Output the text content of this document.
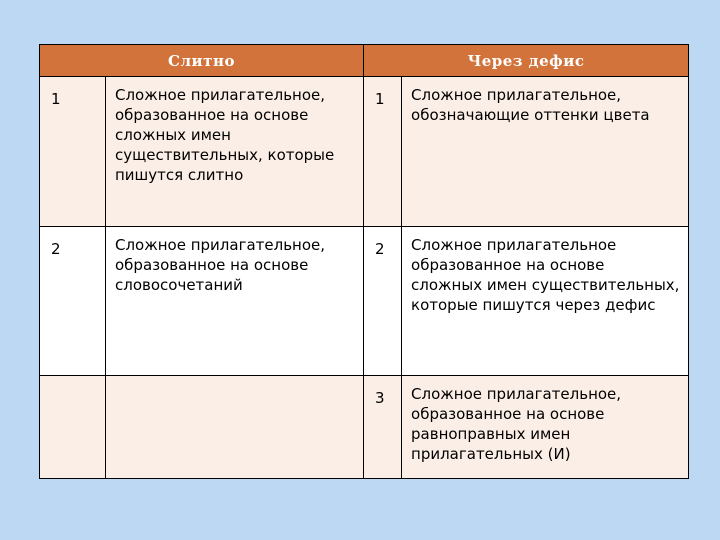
Слитно		Через дефис	
1	Сложное прилагательное, образованное на основе сложных имен существительных, которые пишутся слитно	1	Сложное прилагательное, обозначающие оттенки цвета
2	Сложное прилагательное, образованное на основе словосочетаний	2	Сложное прилагательное образованное на основе сложных имен существительных, которые пишутся через дефис
		3	Сложное прилагательное, образованное на основе равноправных имен прилагательных (И)
